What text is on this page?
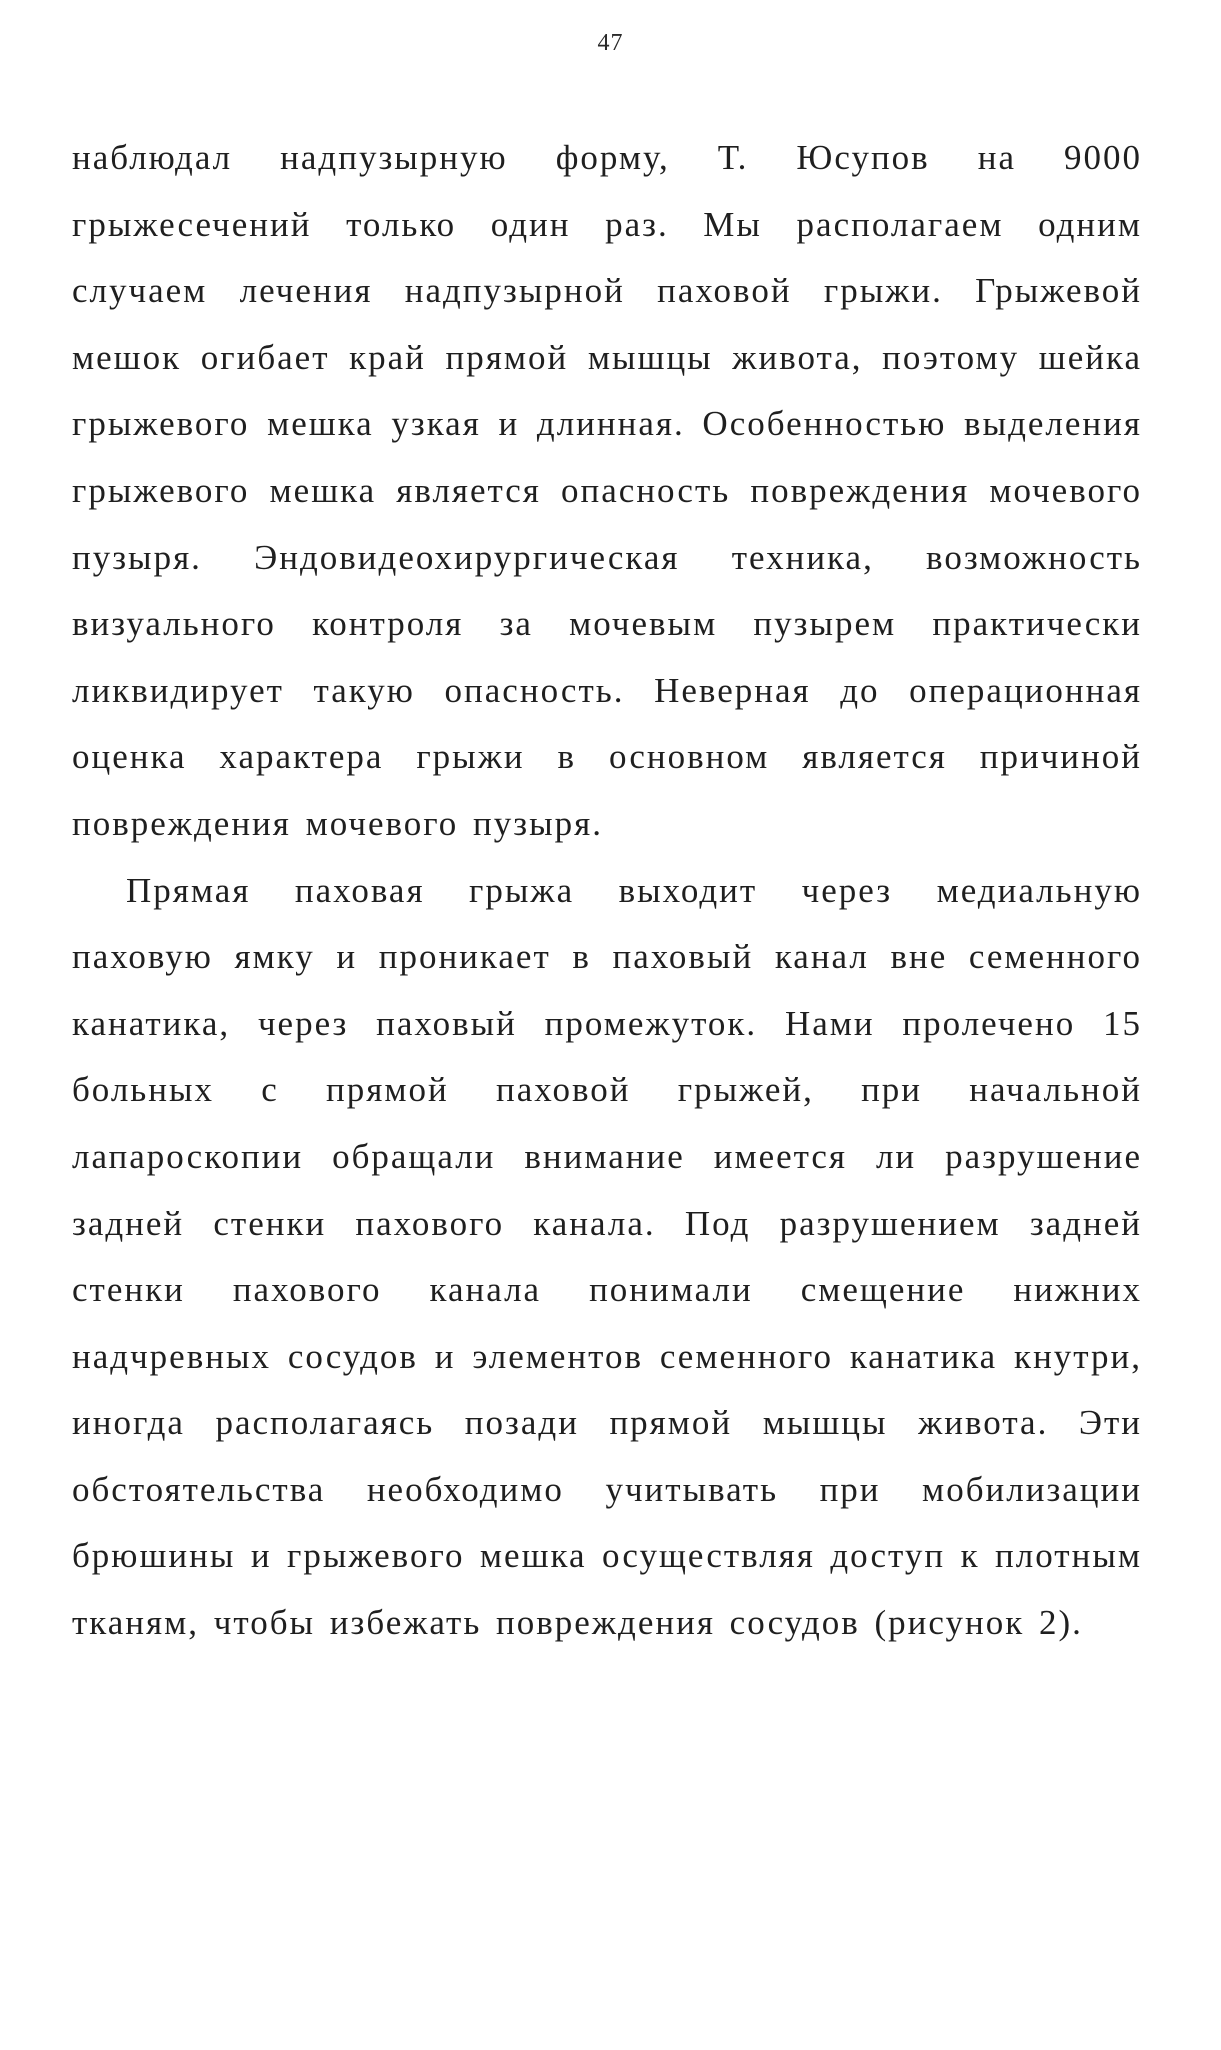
47

наблюдал надпузырную форму, Т. Юсупов на 9000 грыжесечений только один раз. Мы располагаем одним случаем лечения надпузырной паховой грыжи. Грыжевой мешок огибает край прямой мышцы живота, поэтому шейка грыжевого мешка узкая и длинная. Особенностью выделения грыжевого мешка является опасность повреждения мочевого пузыря. Эндовидеохирургическая техника, возможность визуального контроля за мочевым пузырем практически ликвидирует такую опасность. Неверная до операционная оценка характера грыжи в основном является причиной повреждения мочевого пузыря.

Прямая паховая грыжа выходит через медиальную паховую ямку и проникает в паховый канал вне семенного канатика, через паховый промежуток. Нами пролечено 15 больных с прямой паховой грыжей, при начальной лапароскопии обращали внимание имеется ли разрушение задней стенки пахового канала. Под разрушением задней стенки пахового канала понимали смещение нижних надчревных сосудов и элементов семенного канатика кнутри, иногда располагаясь позади прямой мышцы живота. Эти обстоятельства необходимо учитывать при мобилизации брюшины и грыжевого мешка осуществляя доступ к плотным тканям, чтобы избежать повреждения сосудов (рисунок 2).
